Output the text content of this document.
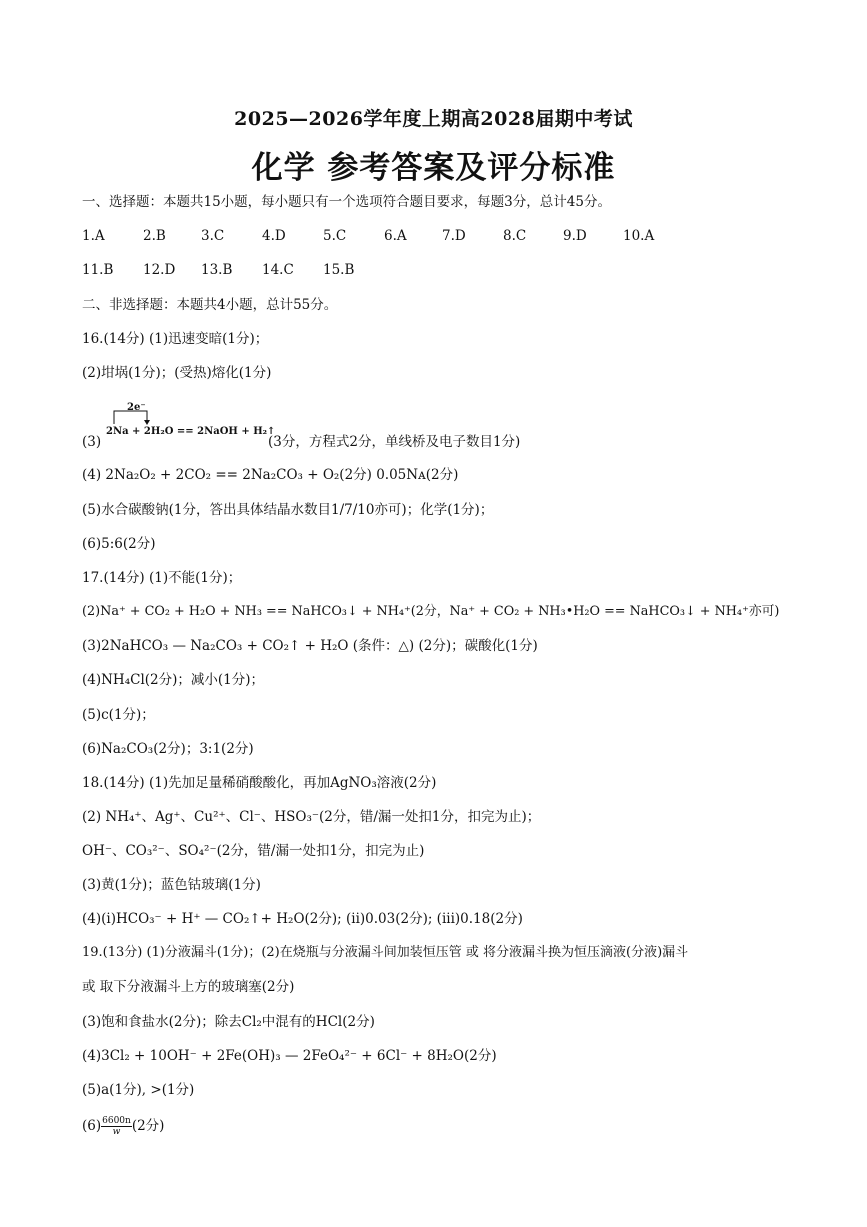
2025—2026学年度上期高2028届期中考试
化学 参考答案及评分标准
一、选择题：本题共15小题，每小题只有一个选项符合题目要求，每题3分，总计45分。
1.A	2.B	3.C	4.D	5.C	6.A	7.D	8.C	9.D	10.A
11.B 12.D 13.B 14.C 15.B
二、非选择题：本题共4小题，总计55分。
16.(14分) (1)迅速变暗(1分)；
(2)坩埚(1分)；(受热)熔化(1分)
(3)
2e⁻
2Na + 2H₂O == 2NaOH + H₂↑
(3分，方程式2分，单线桥及电子数目1分)
(4) 2Na₂O₂ + 2CO₂ == 2Na₂CO₃ + O₂(2分) 0.05Nᴀ(2分)
(5)水合碳酸钠(1分，答出具体结晶水数目1/7/10亦可)；化学(1分)；
(6)5:6(2分)
17.(14分) (1)不能(1分)；
(2)Na⁺ + CO₂ + H₂O + NH₃ == NaHCO₃↓ + NH₄⁺(2分，Na⁺ + CO₂ + NH₃•H₂O == NaHCO₃↓ + NH₄⁺亦可)
(3)2NaHCO₃ — Na₂CO₃ + CO₂↑ + H₂O (条件：△) (2分)；碳酸化(1分)
(4)NH₄Cl(2分)；减小(1分)；
(5)c(1分)；
(6)Na₂CO₃(2分)；3:1(2分)
18.(14分) (1)先加足量稀硝酸酸化，再加AgNO₃溶液(2分)
(2) NH₄⁺、Ag⁺、Cu²⁺、Cl⁻、HSO₃⁻(2分，错/漏一处扣1分，扣完为止)；
OH⁻、CO₃²⁻、SO₄²⁻(2分，错/漏一处扣1分，扣完为止)
(3)黄(1分)；蓝色钴玻璃(1分)
(4)(i)HCO₃⁻ + H⁺ — CO₂↑+ H₂O(2分); (ii)0.03(2分); (iii)0.18(2分)
19.(13分) (1)分液漏斗(1分)；(2)在烧瓶与分液漏斗间加装恒压管 或 将分液漏斗换为恒压滴液(分液)漏斗
或 取下分液漏斗上方的玻璃塞(2分)
(3)饱和食盐水(2分)；除去Cl₂中混有的HCl(2分)
(4)3Cl₂ + 10OH⁻ + 2Fe(OH)₃ — 2FeO₄²⁻ + 6Cl⁻ + 8H₂O(2分)
(5)a(1分), >(1分)
$(6) \frac{6600n}{w} (2$分)
